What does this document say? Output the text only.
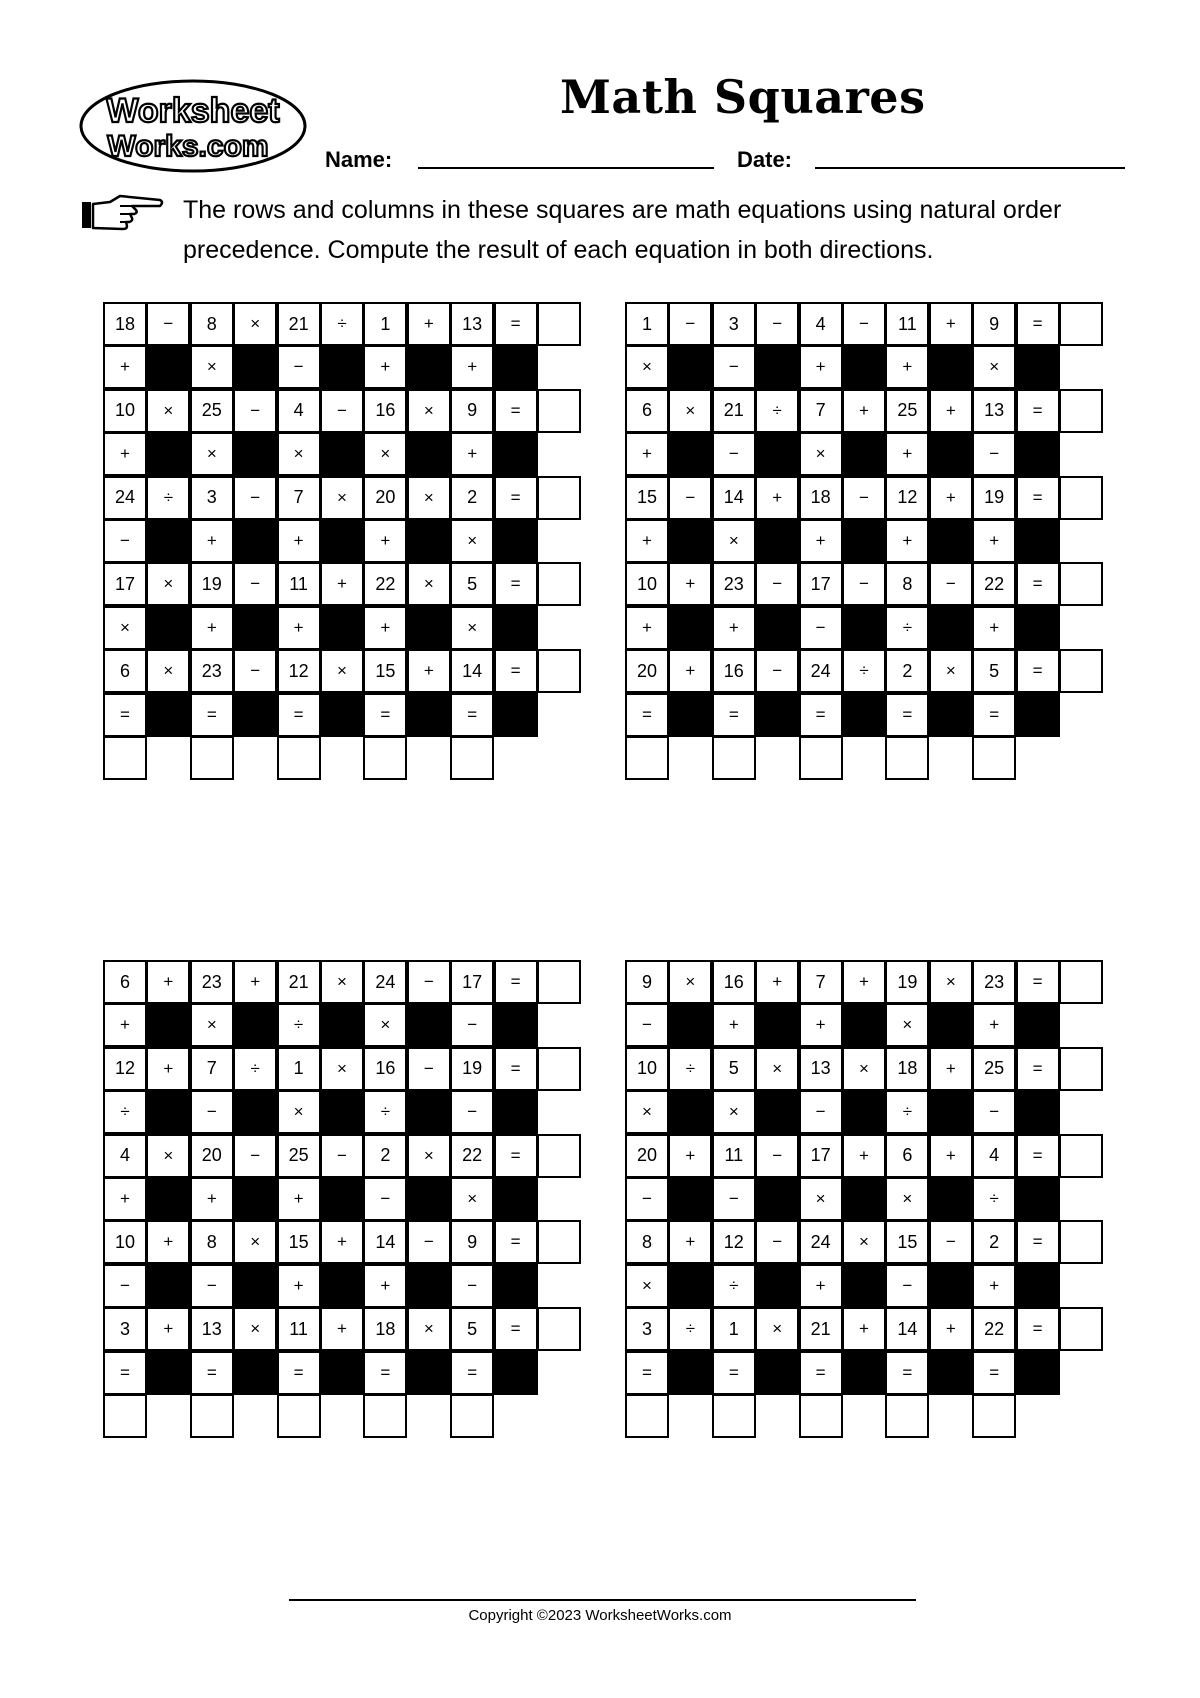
Worksheet
Works.com
Math Squares
Name:	Date:
The rows and columns in these squares are math equations using natural order precedence. Compute the result of each equation in both directions.
18	−	8	×	21	÷	1	+	13	=
+	×	−	+	+
10	×	25	−	4	−	16	×	9	=
+	×	×	×	+
24	÷	3	−	7	×	20	×	2	=
−	+	+	+	×
17	×	19	−	11	+	22	×	5	=
×	+	+	+	×
6	×	23	−	12	×	15	+	14	=
=	=	=	=	=
1	−	3	−	4	−	11	+	9	=
×	−	+	+	×
6	×	21	÷	7	+	25	+	13	=
+	−	×	+	−
15	−	14	+	18	−	12	+	19	=
+	×	+	+	+
10	+	23	−	17	−	8	−	22	=
+	+	−	÷	+
20	+	16	−	24	÷	2	×	5	=
=	=	=	=	=
6	+	23	+	21	×	24	−	17	=
+	×	÷	×	−
12	+	7	÷	1	×	16	−	19	=
÷	−	×	÷	−
4	×	20	−	25	−	2	×	22	=
+	+	+	−	×
10	+	8	×	15	+	14	−	9	=
−	−	+	+	−
3	+	13	×	11	+	18	×	5	=
=	=	=	=	=
9	×	16	+	7	+	19	×	23	=
−	+	+	×	+
10	÷	5	×	13	×	18	+	25	=
×	×	−	÷	−
20	+	11	−	17	+	6	+	4	=
−	−	×	×	÷
8	+	12	−	24	×	15	−	2	=
×	÷	+	−	+
3	÷	1	×	21	+	14	+	22	=
=	=	=	=	=
Copyright ©2023 WorksheetWorks.com
